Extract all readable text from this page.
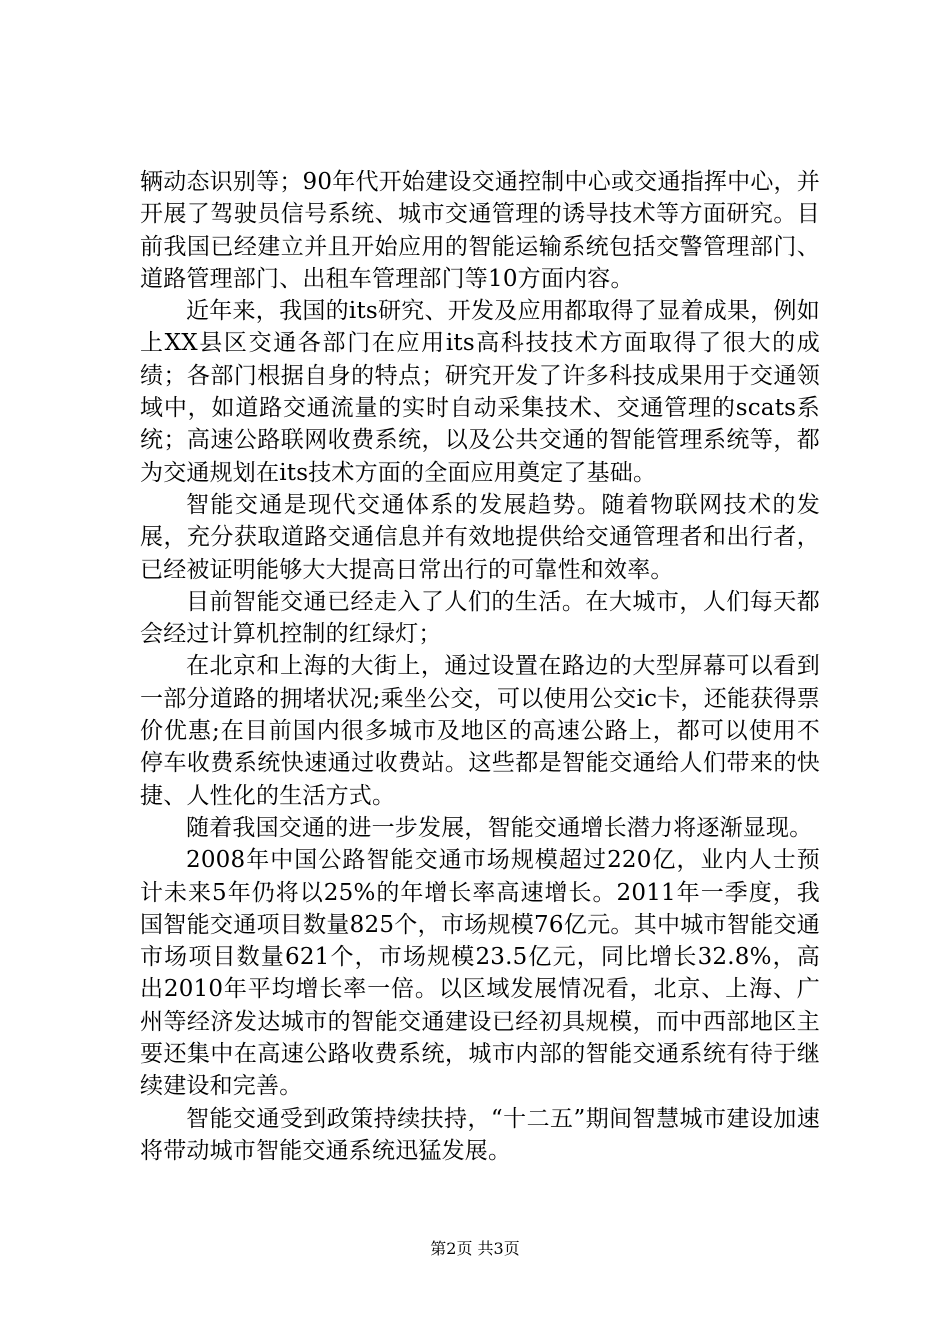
辆动态识别等；90年代开始建设交通控制中心或交通指挥中心，并开展了驾驶员信号系统、城市交通管理的诱导技术等方面研究。目前我国已经建立并且开始应用的智能运输系统包括交警管理部门、道路管理部门、出租车管理部门等10方面内容。

近年来，我国的its研究、开发及应用都取得了显着成果，例如上XX县区交通各部门在应用its高科技技术方面取得了很大的成绩；各部门根据自身的特点；研究开发了许多科技成果用于交通领域中，如道路交通流量的实时自动采集技术、交通管理的scats系统；高速公路联网收费系统，以及公共交通的智能管理系统等，都为交通规划在its技术方面的全面应用奠定了基础。

智能交通是现代交通体系的发展趋势。随着物联网技术的发展，充分获取道路交通信息并有效地提供给交通管理者和出行者，已经被证明能够大大提高日常出行的可靠性和效率。

目前智能交通已经走入了人们的生活。在大城市，人们每天都会经过计算机控制的红绿灯；

在北京和上海的大街上，通过设置在路边的大型屏幕可以看到一部分道路的拥堵状况;乘坐公交，可以使用公交ic卡，还能获得票价优惠;在目前国内很多城市及地区的高速公路上，都可以使用不停车收费系统快速通过收费站。这些都是智能交通给人们带来的快捷、人性化的生活方式。

随着我国交通的进一步发展，智能交通增长潜力将逐渐显现。

2008年中国公路智能交通市场规模超过220亿，业内人士预计未来5年仍将以25%的年增长率高速增长。2011年一季度，我国智能交通项目数量825个，市场规模76亿元。其中城市智能交通市场项目数量621个，市场规模23.5亿元，同比增长32.8%，高出2010年平均增长率一倍。以区域发展情况看，北京、上海、广州等经济发达城市的智能交通建设已经初具规模，而中西部地区主要还集中在高速公路收费系统，城市内部的智能交通系统有待于继续建设和完善。

智能交通受到政策持续扶持，“十二五”期间智慧城市建设加速将带动城市智能交通系统迅猛发展。

第2页 共3页
